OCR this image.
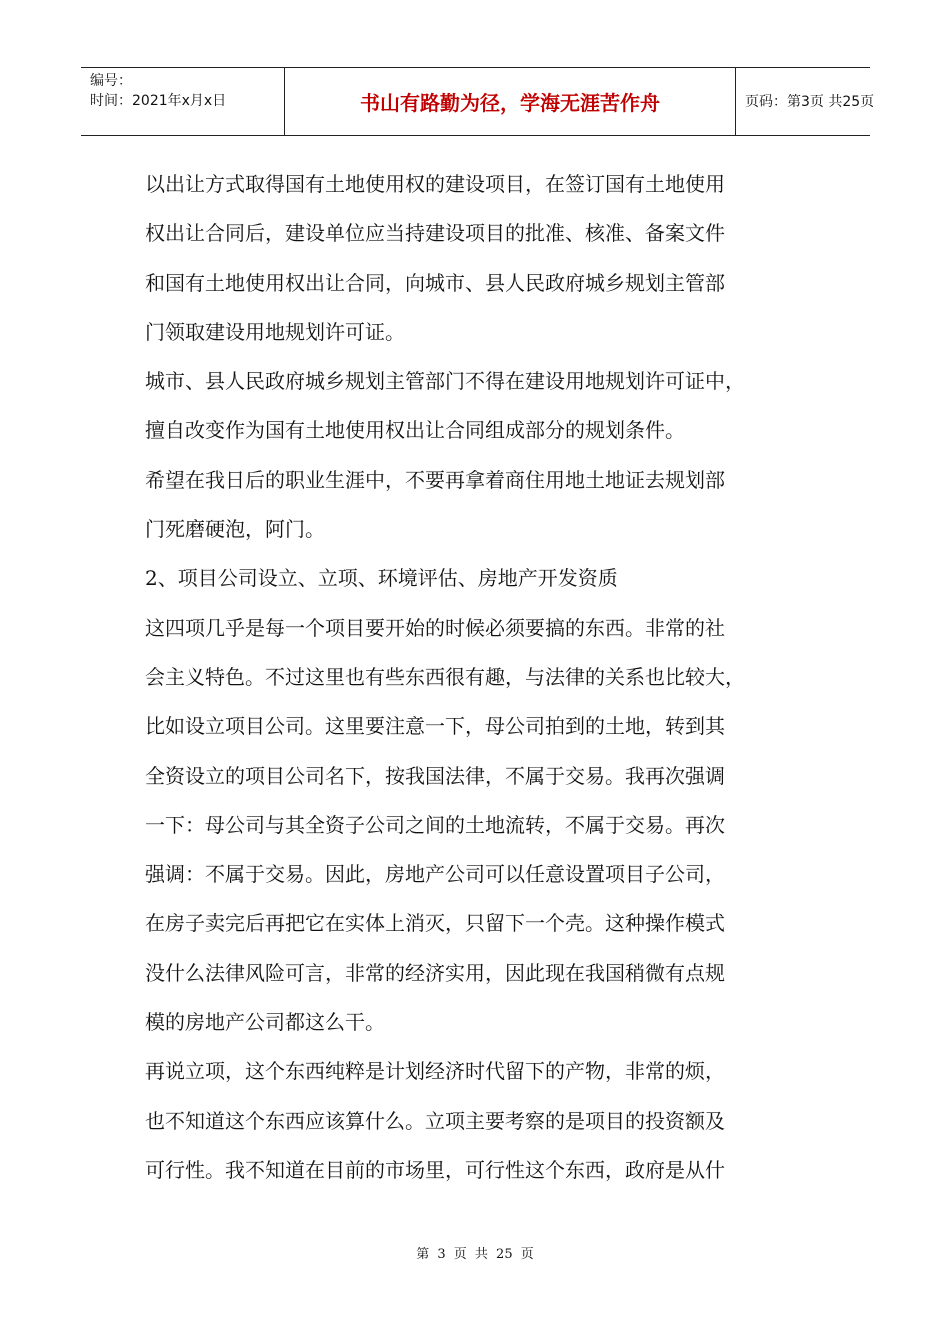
编号：
时间：2021年x月x日	书山有路勤为径，学海无涯苦作舟	页码：第3页 共25页
以出让方式取得国有土地使用权的建设项目，在签订国有土地使用
权出让合同后，建设单位应当持建设项目的批准、核准、备案文件
和国有土地使用权出让合同，向城市、县人民政府城乡规划主管部
门领取建设用地规划许可证。
城市、县人民政府城乡规划主管部门不得在建设用地规划许可证中，
擅自改变作为国有土地使用权出让合同组成部分的规划条件。
希望在我日后的职业生涯中，不要再拿着商住用地土地证去规划部
门死磨硬泡，阿门。
2、项目公司设立、立项、环境评估、房地产开发资质
这四项几乎是每一个项目要开始的时候必须要搞的东西。非常的社
会主义特色。不过这里也有些东西很有趣，与法律的关系也比较大，
比如设立项目公司。这里要注意一下，母公司拍到的土地，转到其
全资设立的项目公司名下，按我国法律，不属于交易。我再次强调
一下：母公司与其全资子公司之间的土地流转，不属于交易。再次
强调：不属于交易。因此，房地产公司可以任意设置项目子公司，
在房子卖完后再把它在实体上消灭，只留下一个壳。这种操作模式
没什么法律风险可言，非常的经济实用，因此现在我国稍微有点规
模的房地产公司都这么干。
再说立项，这个东西纯粹是计划经济时代留下的产物，非常的烦，
也不知道这个东西应该算什么。立项主要考察的是项目的投资额及
可行性。我不知道在目前的市场里，可行性这个东西，政府是从什
第 3 页 共 25 页
